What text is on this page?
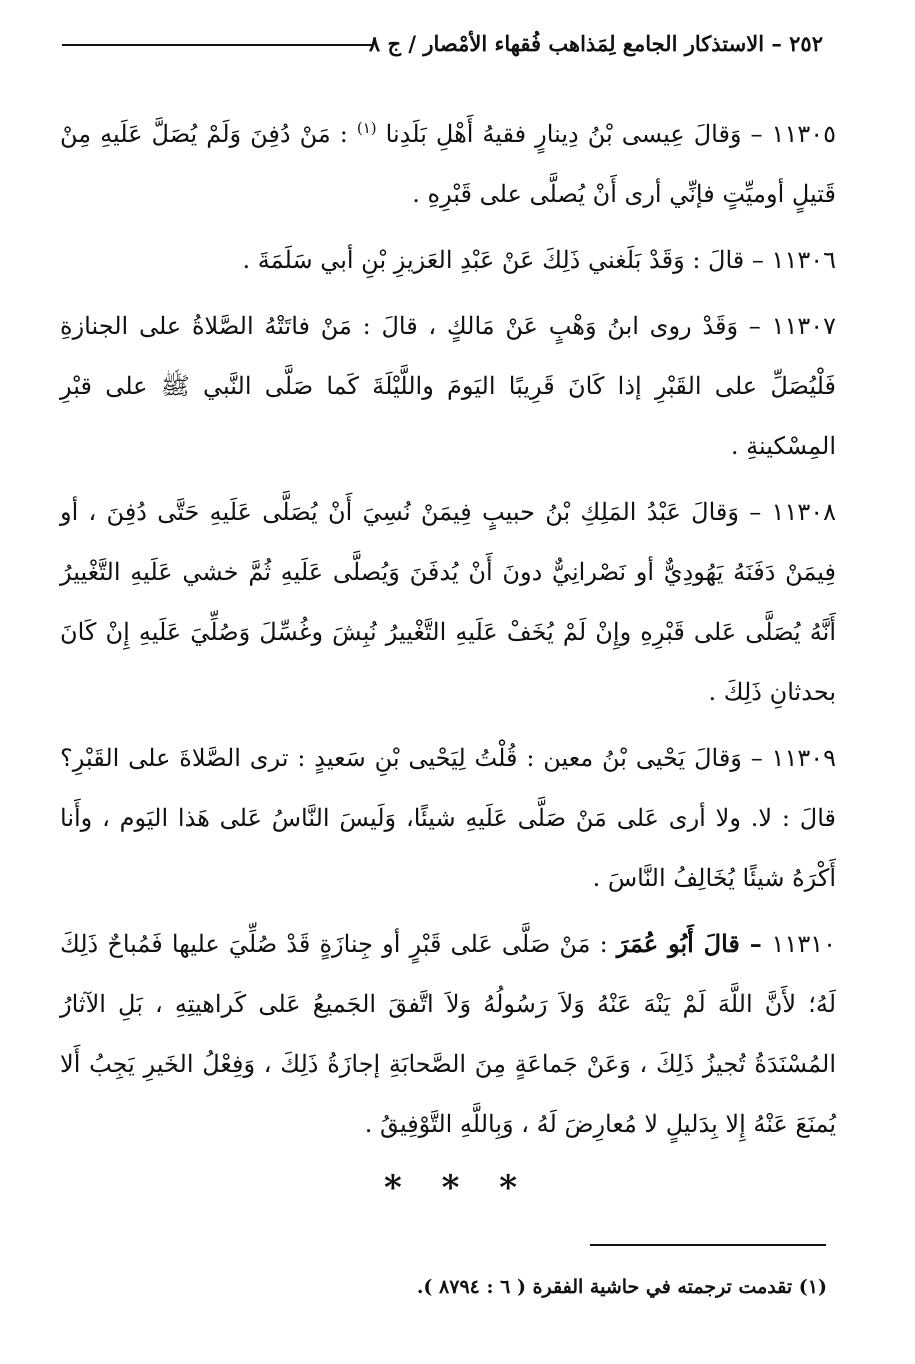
٢٥٢ – الاستذكار الجامع لِمَذاهب فُقهاء الأمْصار / ج ٨

١١٣٠٥ – وَقالَ عِيسى بْنُ دِينارٍ فقيهُ أَهْلِ بَلَدِنا $^{(١)}$ : مَنْ دُفِنَ وَلَمْ يُصَلَّ عَلَيهِ مِنْ قَتيلٍ أوميِّتٍ فإنِّي أرى أَنْ يُصلَّى على قَبْرِهِ .

١١٣٠٦ – قالَ : وَقَدْ بَلَغني ذَلِكَ عَنْ عَبْدِ العَزيزِ بْنِ أبي سَلَمَةَ .

١١٣٠٧ – وَقَدْ روى ابنُ وَهْبٍ عَنْ مَالكٍ ، قالَ : مَنْ فاتَتْهُ الصَّلاةُ على الجنازةِ فَلْيُصَلِّ على القَبْرِ إذا كَانَ قَرِيبًا اليَومَ واللَّيْلَةَ كَما صَلَّى النَّبي ﷺ على قبْرِ المِسْكينةِ .

١١٣٠٨ – وَقالَ عَبْدُ المَلِكِ بْنُ حبيبٍ فِيمَنْ نُسِيَ أَنْ يُصَلَّى عَلَيهِ حَتَّى دُفِنَ ، أو فِيمَنْ دَفَنَهُ يَهُودِيٌّ أو نَصْرانِيٌّ دونَ أَنْ يُدفَنَ وَيُصلَّى عَلَيهِ ثُمَّ خشي عَلَيهِ التَّغْييرُ أَنَّهُ يُصَلَّى عَلى قَبْرِهِ وإِنْ لَمْ يُخَفْ عَلَيهِ التَّغْييرُ نُبِشَ وغُسِّلَ وَصُلِّيَ عَلَيهِ إِنْ كَانَ بحدثانِ ذَلِكَ .

١١٣٠٩ – وَقالَ يَحْيى بْنُ معين : قُلْتُ لِيَحْيى بْنِ سَعيدٍ : ترى الصَّلاةَ على القَبْرِ؟ قالَ : لا. ولا أرى عَلى مَنْ صَلَّى عَلَيهِ شيئًا، وَلَيسَ النَّاسُ عَلى هَذا اليَوم ، وأَنا أَكْرَهُ شيئًا يُخَالِفُ النَّاسَ .

١١٣١٠ – قالَ أَبُو عُمَرَ : مَنْ صَلَّى عَلى قَبْرٍ أو جِنازَةٍ قَدْ صُلِّيَ عليها فَمُباحٌ ذَلِكَ لَهُ؛ لأَنَّ اللَّهَ لَمْ يَنْهَ عَنْهُ وَلاَ رَسُولُهُ وَلاَ اتَّفقَ الجَميعُ عَلى كَراهيتِهِ ، بَلِ الآثارُ المُسْنَدَةُ تُجيزُ ذَلِكَ ، وَعَنْ جَماعَةٍ مِنَ الصَّحابَةِ إجازَةُ ذَلِكَ ، وَفِعْلُ الخَيرِ يَجِبُ أَلا يُمنَعَ عَنْهُ إِلا بِدَليلٍ لا مُعارِضَ لَهُ ، وَبِاللَّهِ التَّوْفِيقُ .

* * *
(١) تقدمت ترجمته في حاشية الفقرة ( ٦ : ٨٧٩٤ ).
